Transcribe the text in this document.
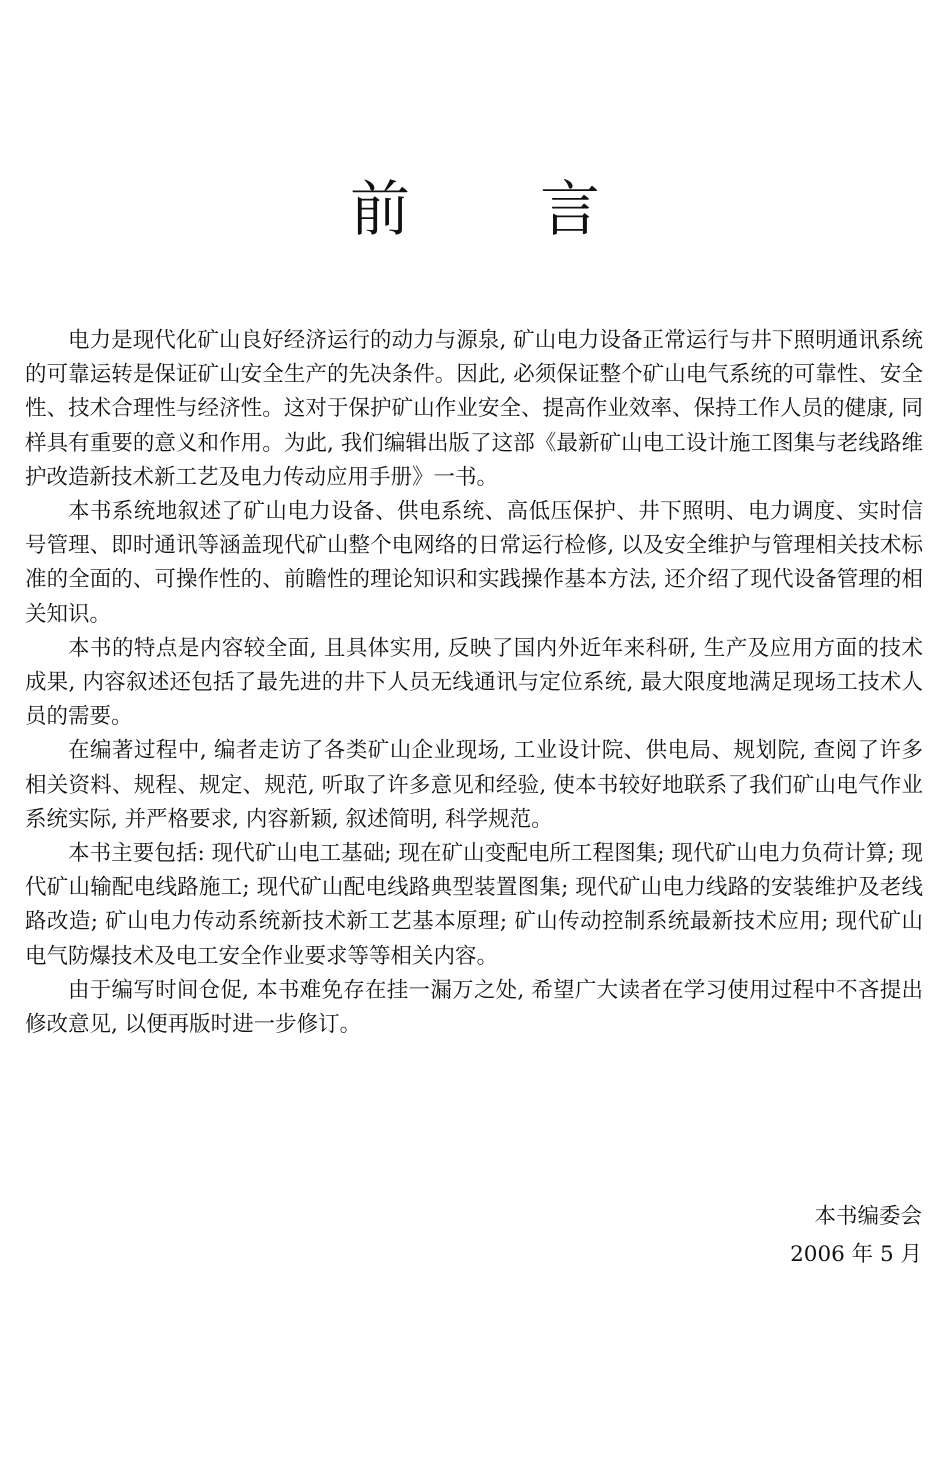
前言

电力是现代化矿山良好经济运行的动力与源泉, 矿山电力设备正常运行与井下照明通讯系统的可靠运转是保证矿山安全生产的先决条件。因此, 必须保证整个矿山电气系统的可靠性、安全性、技术合理性与经济性。这对于保护矿山作业安全、提高作业效率、保持工作人员的健康, 同样具有重要的意义和作用。为此, 我们编辑出版了这部《最新矿山电工设计施工图集与老线路维护改造新技术新工艺及电力传动应用手册》一书。

本书系统地叙述了矿山电力设备、供电系统、高低压保护、井下照明、电力调度、实时信号管理、即时通讯等涵盖现代矿山整个电网络的日常运行检修, 以及安全维护与管理相关技术标准的全面的、可操作性的、前瞻性的理论知识和实践操作基本方法, 还介绍了现代设备管理的相关知识。

本书的特点是内容较全面, 且具体实用, 反映了国内外近年来科研, 生产及应用方面的技术成果, 内容叙述还包括了最先进的井下人员无线通讯与定位系统, 最大限度地满足现场工技术人员的需要。

在编著过程中, 编者走访了各类矿山企业现场, 工业设计院、供电局、规划院, 查阅了许多相关资料、规程、规定、规范, 听取了许多意见和经验, 使本书较好地联系了我们矿山电气作业系统实际, 并严格要求, 内容新颖, 叙述简明, 科学规范。

本书主要包括: 现代矿山电工基础; 现在矿山变配电所工程图集; 现代矿山电力负荷计算; 现代矿山输配电线路施工; 现代矿山配电线路典型装置图集; 现代矿山电力线路的安装维护及老线路改造; 矿山电力传动系统新技术新工艺基本原理; 矿山传动控制系统最新技术应用; 现代矿山电气防爆技术及电工安全作业要求等等相关内容。

由于编写时间仓促, 本书难免存在挂一漏万之处, 希望广大读者在学习使用过程中不吝提出修改意见, 以便再版时进一步修订。

本书编委会
2006 年 5 月
